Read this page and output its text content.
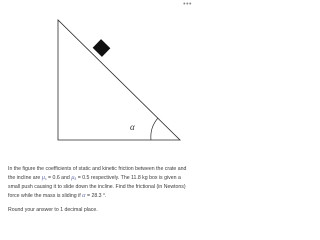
•••
α

In the figure the coefficients of static and kinetic friction between the crate and the incline are $\mu_s = 0.6$ and $\mu_k = 0.5$ respectively. The 11.8 kg box is given a small push causing it to slide down the incline. Find the frictional (in Newtons) force while the mass is sliding if α = 28.3 °.

Round your answer to 1 decimal place.
